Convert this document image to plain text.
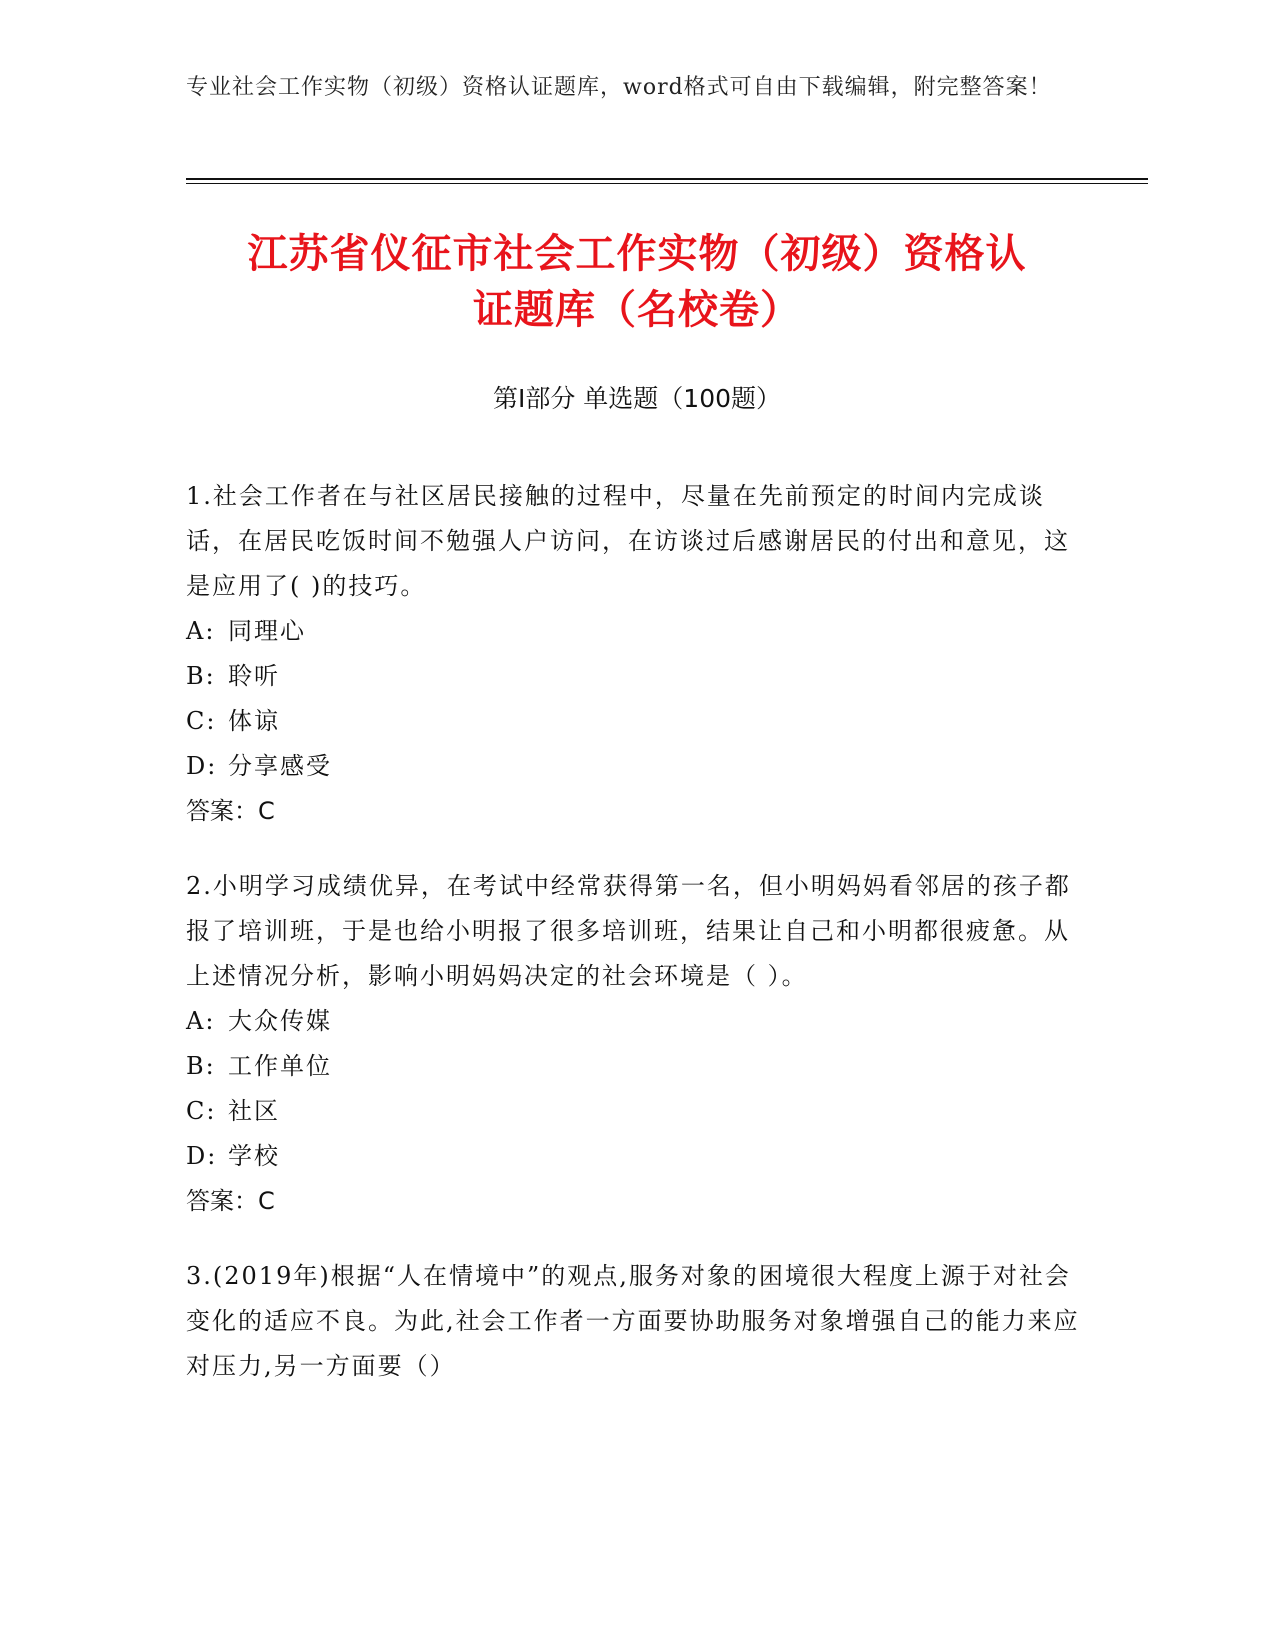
专业社会工作实物（初级）资格认证题库，word格式可自由下载编辑，附完整答案！
江苏省仪征市社会工作实物（初级）资格认
证题库（名校卷）
第Ⅰ部分 单选题（100题）

1.社会工作者在与社区居民接触的过程中，尽量在先前预定的时间内完成谈话，在居民吃饭时间不勉强人户访问，在访谈过后感谢居民的付出和意见，这是应用了( )的技巧。

A: 同理心

B: 聆听

C: 体谅

D: 分享感受

答案：C

2.小明学习成绩优异，在考试中经常获得第一名，但小明妈妈看邻居的孩子都报了培训班，于是也给小明报了很多培训班，结果让自己和小明都很疲惫。从上述情况分析，影响小明妈妈决定的社会环境是（ ）。

A: 大众传媒

B: 工作单位

C: 社区

D: 学校

答案：C

3.(2019年)根据“人在情境中”的观点,服务对象的困境很大程度上源于对社会变化的适应不良。为此,社会工作者一方面要协助服务对象增强自己的能力来应对压力,另一方面要（）
